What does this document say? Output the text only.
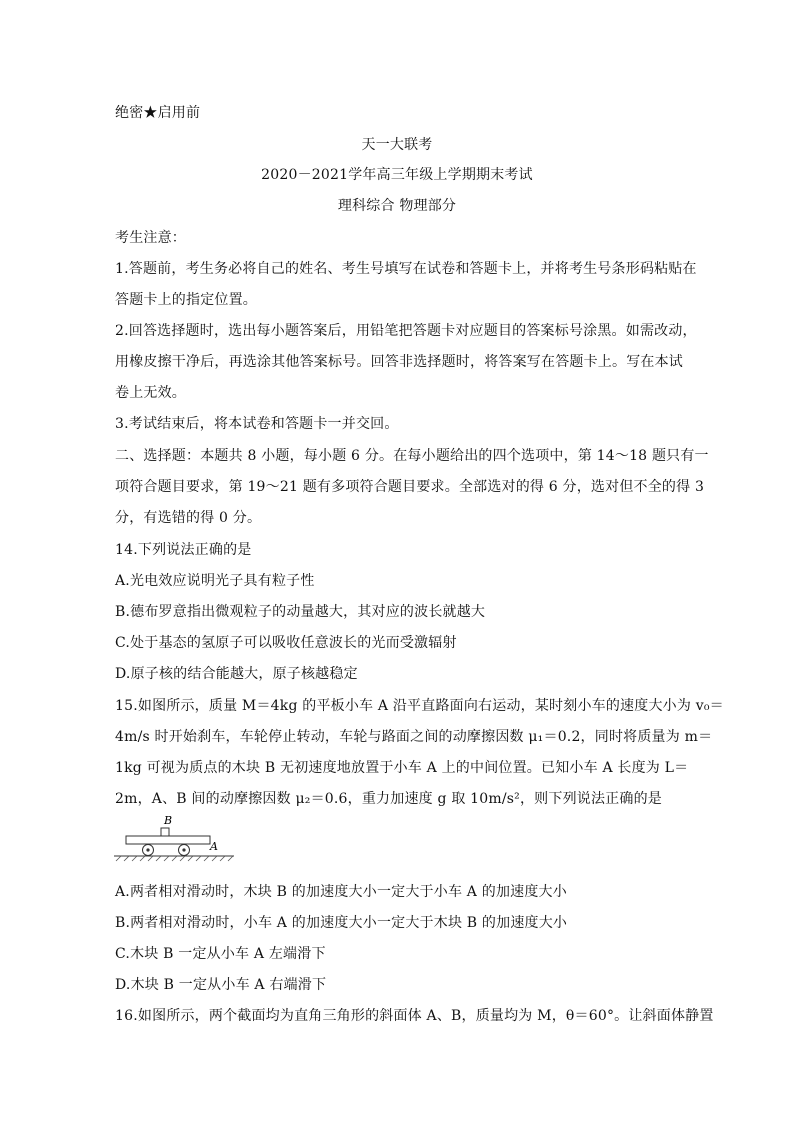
绝密★启用前
天一大联考
2020－2021学年高三年级上学期期末考试
理科综合 物理部分
考生注意：
1.答题前，考生务必将自己的姓名、考生号填写在试卷和答题卡上，并将考生号条形码粘贴在
答题卡上的指定位置。
2.回答选择题时，选出每小题答案后，用铅笔把答题卡对应题目的答案标号涂黑。如需改动，
用橡皮擦干净后，再选涂其他答案标号。回答非选择题时，将答案写在答题卡上。写在本试
卷上无效。
3.考试结束后，将本试卷和答题卡一并交回。
二、选择题：本题共 8 小题，每小题 6 分。在每小题给出的四个选项中，第 14～18 题只有一
项符合题目要求，第 19～21 题有多项符合题目要求。全部选对的得 6 分，选对但不全的得 3
分，有选错的得 0 分。
14.下列说法正确的是
A.光电效应说明光子具有粒子性
B.德布罗意指出微观粒子的动量越大，其对应的波长就越大
C.处于基态的氢原子可以吸收任意波长的光而受激辐射
D.原子核的结合能越大，原子核越稳定
15.如图所示，质量 M＝4kg 的平板小车 A 沿平直路面向右运动，某时刻小车的速度大小为 v₀＝
4m/s 时开始刹车，车轮停止转动，车轮与路面之间的动摩擦因数 μ₁＝0.2，同时将质量为 m＝
1kg 可视为质点的木块 B 无初速度地放置于小车 A 上的中间位置。已知小车 A 长度为 L＝
2m，A、B 间的动摩擦因数 μ₂＝0.6，重力加速度 g 取 10m/s²，则下列说法正确的是
B
A
A.两者相对滑动时，木块 B 的加速度大小一定大于小车 A 的加速度大小
B.两者相对滑动时，小车 A 的加速度大小一定大于木块 B 的加速度大小
C.木块 B 一定从小车 A 左端滑下
D.木块 B 一定从小车 A 右端滑下
16.如图所示，两个截面均为直角三角形的斜面体 A、B，质量均为 M，θ＝60°。让斜面体静置
